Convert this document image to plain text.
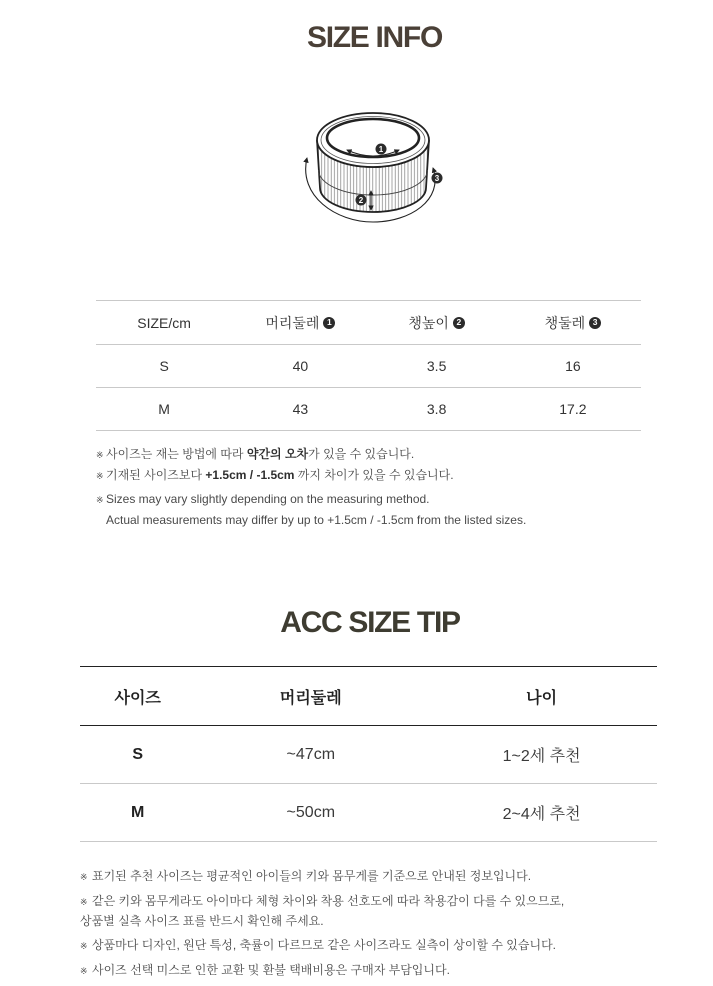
SIZE INFO
1
2
3
SIZE/cm	머리둘레 1	챙높이 2	챙둘레 3
S	40	3.5	16
M	43	3.8	17.2
※ 사이즈는 재는 방법에 따라 약간의 오차가 있을 수 있습니다.
※ 기재된 사이즈보다 +1.5cm / -1.5cm 까지 차이가 있을 수 있습니다.
※ Sizes may vary slightly depending on the measuring method.
Actual measurements may differ by up to +1.5cm / -1.5cm from the listed sizes.
ACC SIZE TIP
사이즈	머리둘레	나이
S	~47cm	1~2세 추천
M	~50cm	2~4세 추천
※ 표기된 추천 사이즈는 평균적인 아이들의 키와 몸무게를 기준으로 안내된 정보입니다.
※ 같은 키와 몸무게라도 아이마다 체형 차이와 착용 선호도에 따라 착용감이 다를 수 있으므로,
상품별 실측 사이즈 표를 반드시 확인해 주세요.
※ 상품마다 디자인, 원단 특성, 축률이 다르므로 같은 사이즈라도 실측이 상이할 수 있습니다.
※ 사이즈 선택 미스로 인한 교환 및 환불 택배비용은 구매자 부담입니다.
